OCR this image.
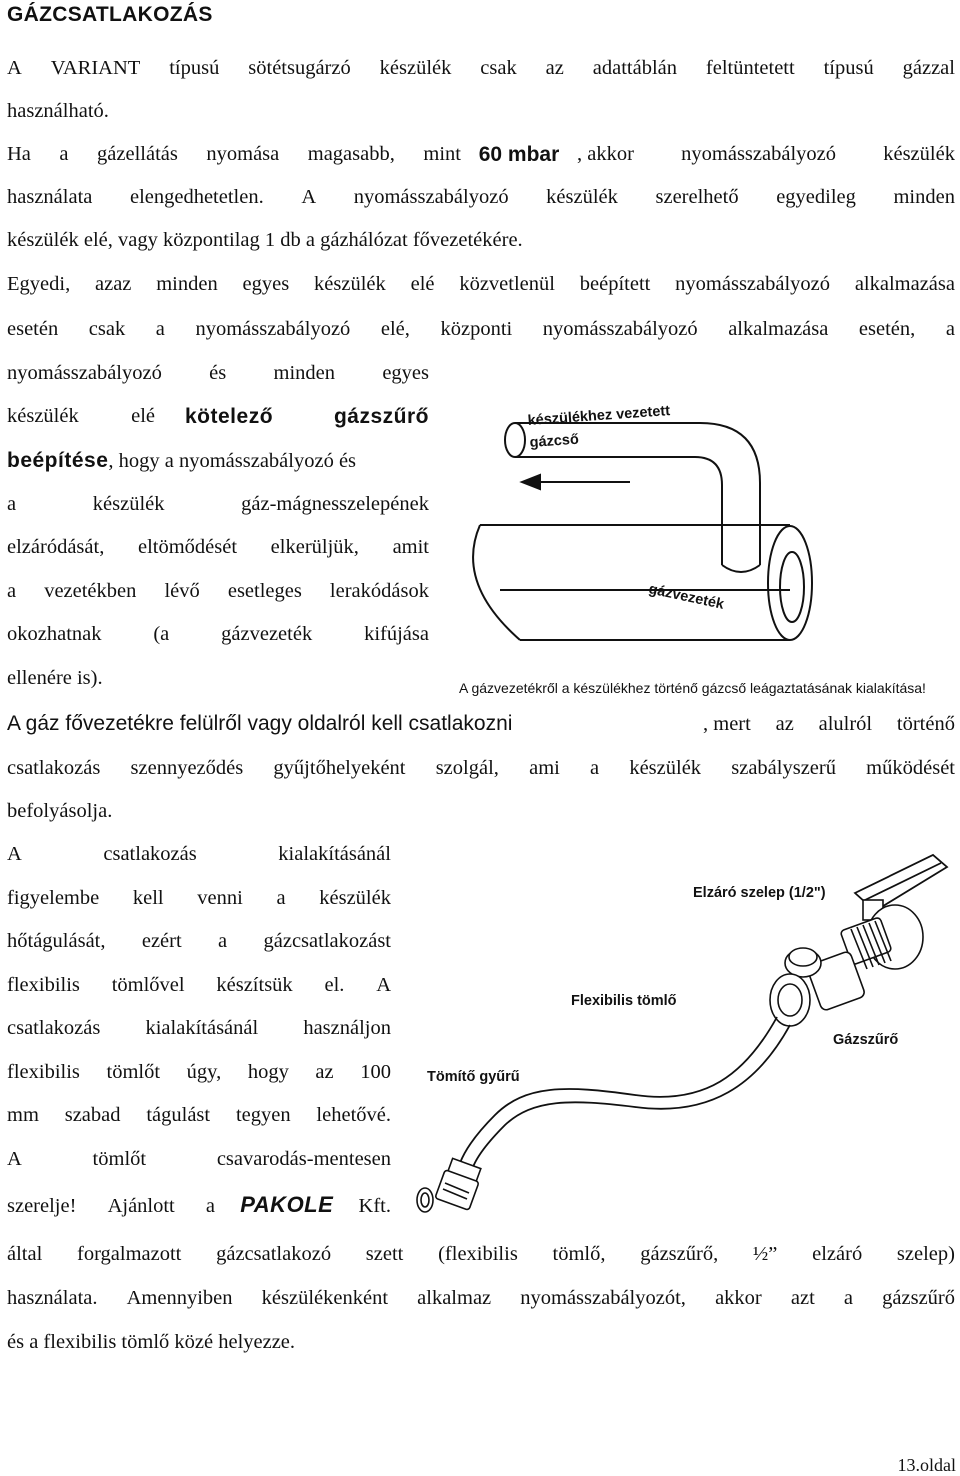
GÁZCSATLAKOZÁS
A VARIANT típusú sötétsugárzó készülék csak az adattáblán feltüntetett típusú gázzal
használható.
Ha a gázellátás nyomása magasabb, mint 60 mbar , akkor nyomásszabályozó készülék
használata elengedhetetlen. A nyomásszabályozó készülék szerelhető egyedileg minden
készülék elé, vagy központilag 1 db a gázhálózat fővezetékére.
Egyedi, azaz minden egyes készülék elé közvetlenül beépített nyomásszabályozó alkalmazása
esetén csak a nyomásszabályozó elé, központi nyomásszabályozó alkalmazása esetén, a
nyomásszabályozó és minden egyes
készülék	elé kötelező	gázszűrő
beépítése, hogy a nyomásszabályozó és
a	készülék	gáz-mágnesszelepének
elzáródását, eltömődését elkerüljük, amit
a vezetékben lévő esetleges lerakódások
okozhatnak	(a	gázvezeték	kifújása
ellenére is).
készülékhez vezetett
gázcső
gázvezeték
A gázvezetékről a készülékhez történő gázcső leágaztatásának kialakítása!
A gáz fővezetékre felülről vagy oldalról kell csatlakozni	, mert az alulról történő
csatlakozás szennyeződés gyűjtőhelyeként szolgál, ami a készülék szabályszerű működését
befolyásolja.
A	csatlakozás	kialakításánál
figyelembe kell venni a készülék
hőtágulását, ezért a gázcsatlakozást
flexibilis tömlővel készítsük el. A
csatlakozás kialakításánál használjon
flexibilis tömlőt úgy, hogy az 100
mm szabad tágulást tegyen lehetővé.
A	tömlőt	csavarodás-mentesen
szerelje! Ajánlott a PAKOLE Kft.
által forgalmazott gázcsatlakozó szett (flexibilis tömlő, gázszűrő, ½” elzáró szelep)
használata. Amennyiben készülékenként alkalmaz nyomásszabályozót, akkor azt a gázszűrő
és a flexibilis tömlő közé helyezze.
Elzáró szelep (1/2")
Flexibilis tömlő
Gázszűrő
Tömítő gyűrű
13.oldal
